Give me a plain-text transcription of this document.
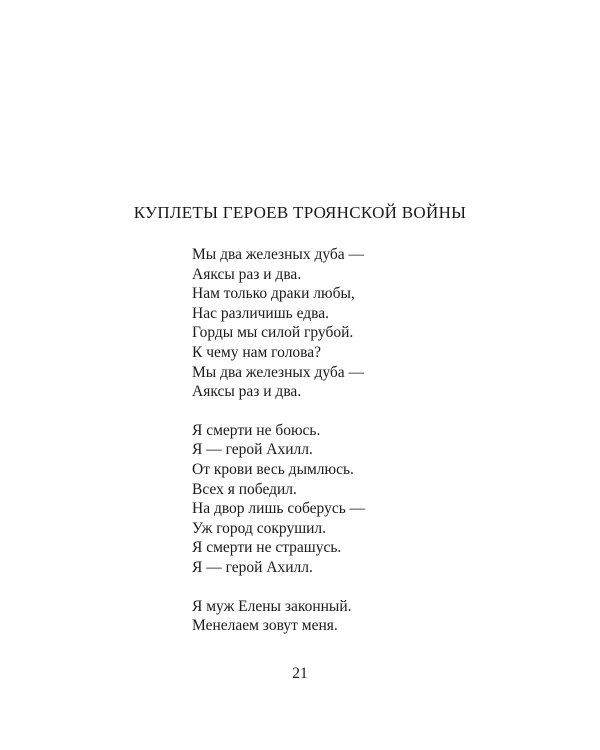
КУПЛЕТЫ ГЕРОЕВ ТРОЯНСКОЙ ВОЙНЫ
Мы два железных дуба —
Аяксы раз и два.
Нам только драки любы,
Нас различишь едва.
Горды мы силой грубой.
К чему нам голова?
Мы два железных дуба —
Аяксы раз и два.
Я смерти не боюсь.
Я — герой Ахилл.
От крови весь дымлюсь.
Всех я победил.
На двор лишь соберусь —
Уж город сокрушил.
Я смерти не страшусь.
Я — герой Ахилл.
Я муж Елены законный.
Менелаем зовут меня.
21
